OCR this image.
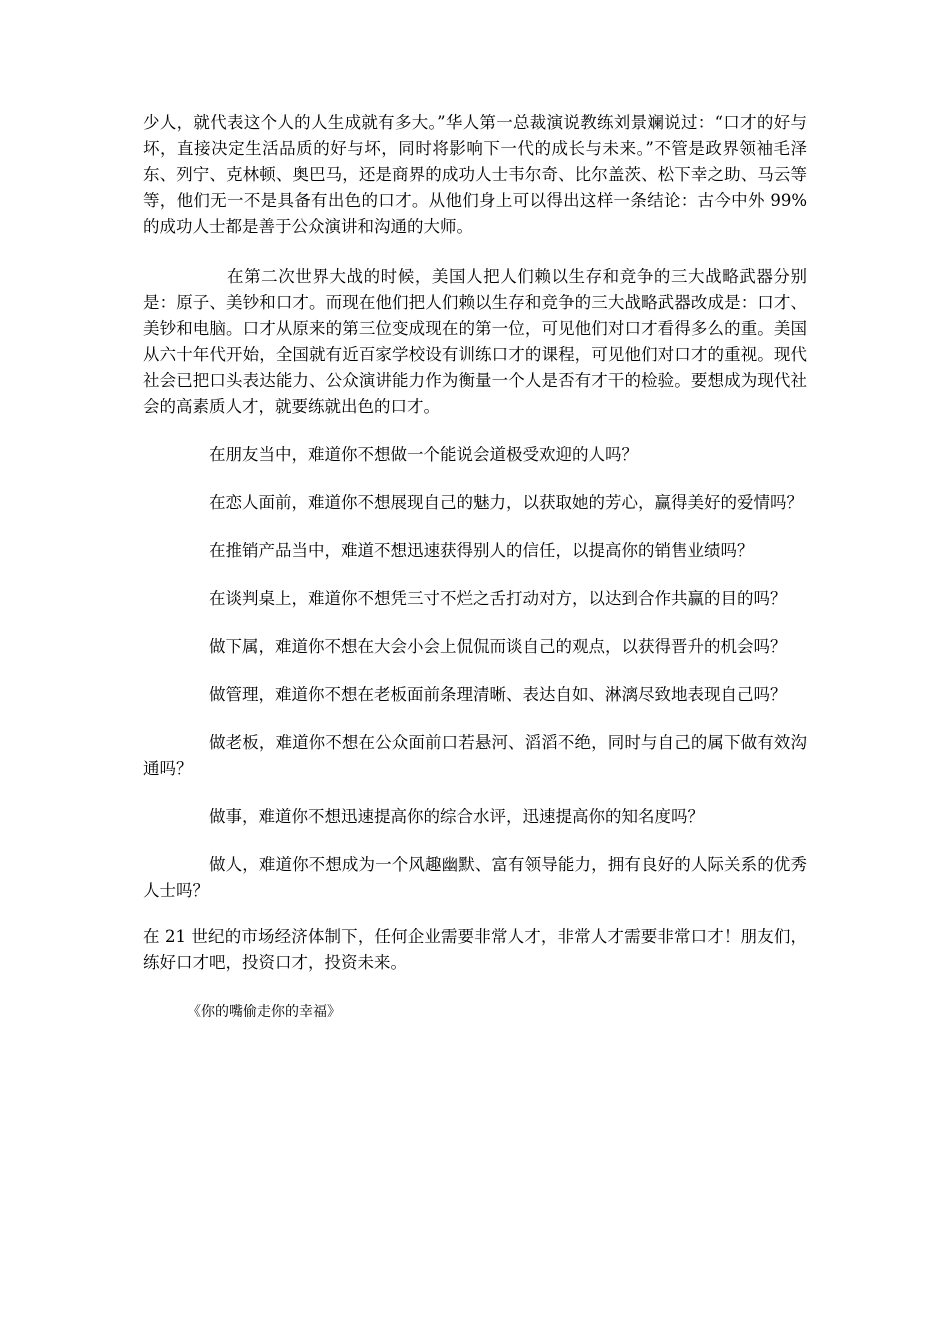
少人，就代表这个人的人生成就有多大。”华人第一总裁演说教练刘景斓说过：“口才的好与坏，直接决定生活品质的好与坏，同时将影响下一代的成长与未来。”不管是政界领袖毛泽东、列宁、克林顿、奥巴马，还是商界的成功人士韦尔奇、比尔盖茨、松下幸之助、马云等等，他们无一不是具备有出色的口才。从他们身上可以得出这样一条结论：古今中外 99%的成功人士都是善于公众演讲和沟通的大师。

在第二次世界大战的时候，美国人把人们赖以生存和竞争的三大战略武器分别是：原子、美钞和口才。而现在他们把人们赖以生存和竞争的三大战略武器改成是：口才、美钞和电脑。口才从原来的第三位变成现在的第一位，可见他们对口才看得多么的重。美国从六十年代开始，全国就有近百家学校设有训练口才的课程，可见他们对口才的重视。现代社会已把口头表达能力、公众演讲能力作为衡量一个人是否有才干的检验。要想成为现代社会的高素质人才，就要练就出色的口才。

在朋友当中，难道你不想做一个能说会道极受欢迎的人吗？

在恋人面前，难道你不想展现自己的魅力，以获取她的芳心，赢得美好的爱情吗？

在推销产品当中，难道不想迅速获得别人的信任，以提高你的销售业绩吗？

在谈判桌上，难道你不想凭三寸不烂之舌打动对方，以达到合作共赢的目的吗？

做下属，难道你不想在大会小会上侃侃而谈自己的观点，以获得晋升的机会吗？

做管理，难道你不想在老板面前条理清晰、表达自如、淋漓尽致地表现自己吗？

做老板，难道你不想在公众面前口若悬河、滔滔不绝，同时与自己的属下做有效沟通吗？

做事，难道你不想迅速提高你的综合水评，迅速提高你的知名度吗？

做人，难道你不想成为一个风趣幽默、富有领导能力，拥有良好的人际关系的优秀人士吗？

在 21 世纪的市场经济体制下，任何企业需要非常人才，非常人才需要非常口才！朋友们，练好口才吧，投资口才，投资未来。

《你的嘴偷走你的幸福》
